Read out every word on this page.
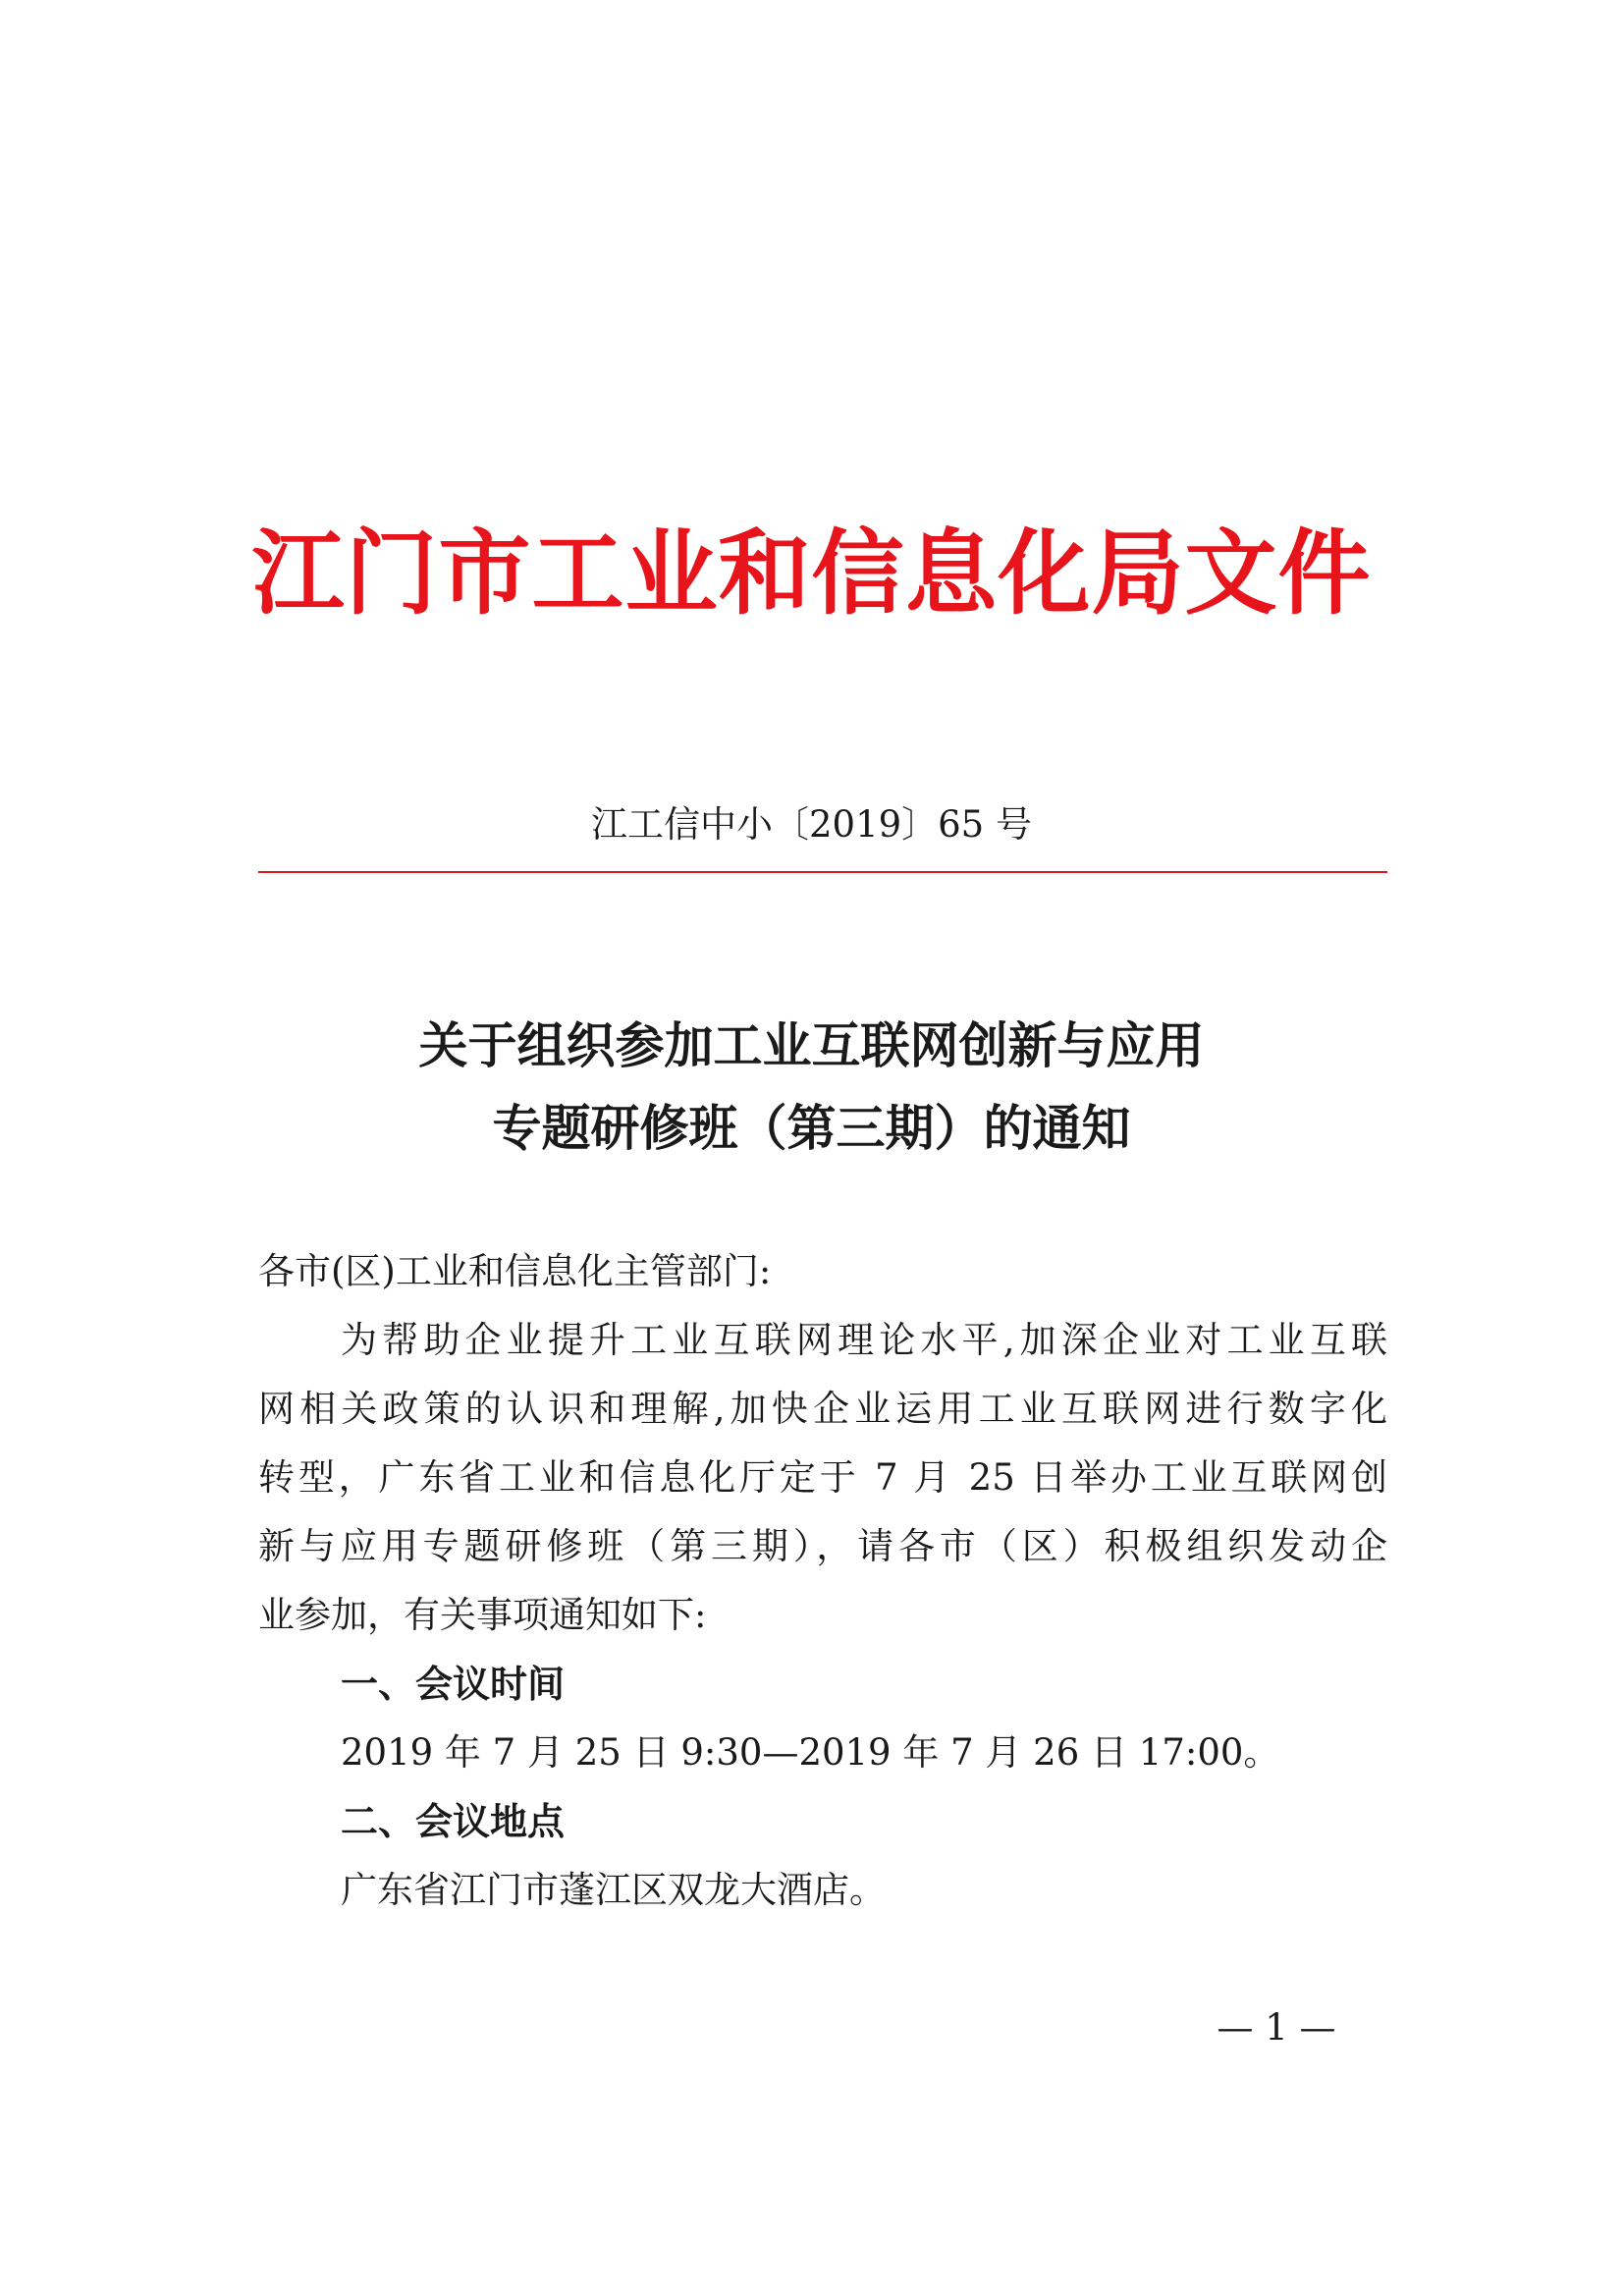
江门市工业和信息化局文件
江工信中小〔2019〕65 号
关于组织参加工业互联网创新与应用
专题研修班（第三期）的通知

各市(区)工业和信息化主管部门:

为帮助企业提升工业互联网理论水平,加深企业对工业互联

网相关政策的认识和理解,加快企业运用工业互联网进行数字化

转型，广东省工业和信息化厅定于 7 月 25 日举办工业互联网创

新与应用专题研修班（第三期），请各市（区）积极组织发动企

业参加，有关事项通知如下:

一、会议时间

2019 年 7 月 25 日 9:30—2019 年 7 月 26 日 17:00。

二、会议地点

广东省江门市蓬江区双龙大酒店。

— 1 —
